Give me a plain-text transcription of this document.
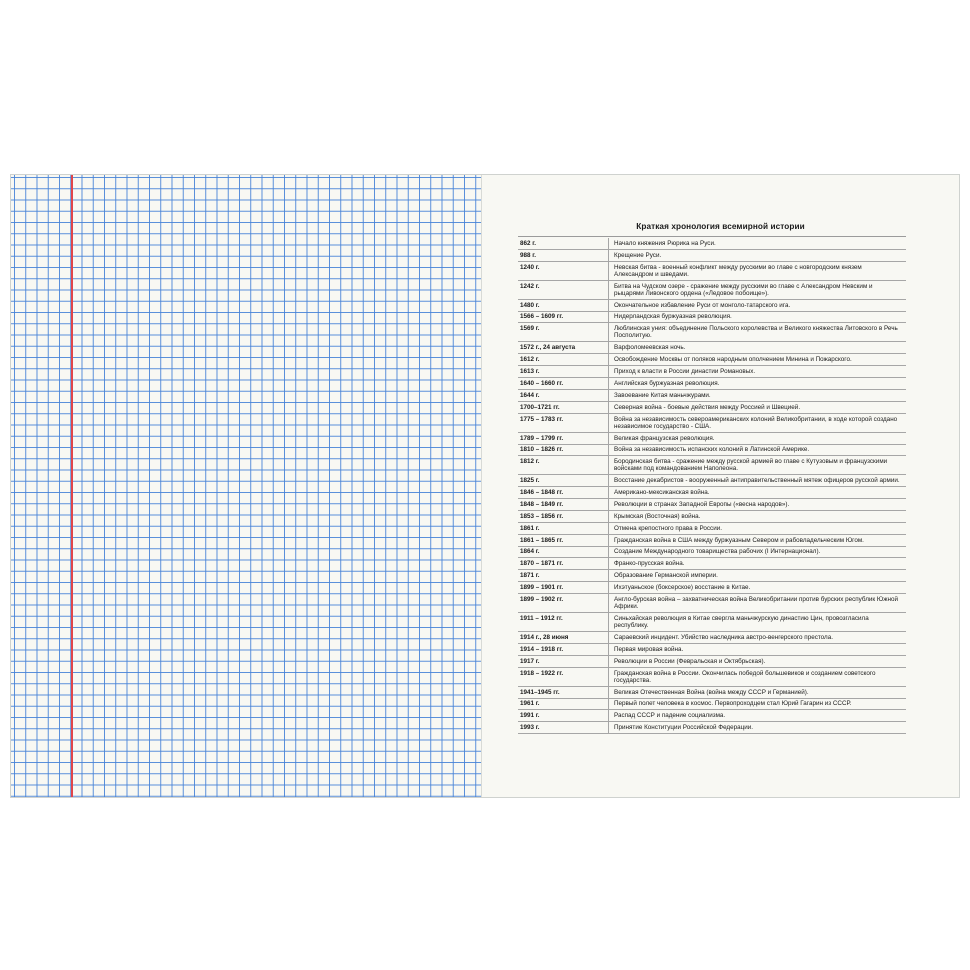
Краткая хронология всемирной истории
862 г.	Начало княжения Рюрика на Руси.
988 г.	Крещение Руси.
1240 г.	Невская битва - военный конфликт между русскими во главе с новгородским князем Александром и шведами.
1242 г.	Битва на Чудском озере - сражение между русскими во главе с Александром Невским и рыцарями Ливонского ордена («Ледовое побоище»).
1480 г.	Окончательное избавление Руси от монголо-татарского ига.
1566 – 1609 гг.	Нидерландская буржуазная революция.
1569 г.	Люблинская уния: объединение Польского королевства и Великого княжества Литовского в Речь Посполитую.
1572 г., 24 августа	Варфоломеевская ночь.
1612 г.	Освобождение Москвы от поляков народным ополчением Минина и Пожарского.
1613 г.	Приход к власти в России династии Романовых.
1640 – 1660 гг.	Английская буржуазная революция.
1644 г.	Завоевание Китая маньчжурами.
1700–1721 гг.	Северная война - боевые действия между Россией и Швецией.
1775 – 1783 гг.	Война за независимость североамериканских колоний Великобритании, в ходе которой создано независимое государство - США.
1789 – 1799 гг.	Великая французская революция.
1810 – 1826 гг.	Война за независимость испанских колоний в Латинской Америке.
1812 г.	Бородинская битва - сражение между русской армией во главе с Кутузовым и французскими войсками под командованием Наполеона.
1825 г.	Восстание декабристов - вооруженный антиправительственный мятеж офицеров русской армии.
1846 – 1848 гг.	Американо-мексиканская война.
1848 – 1849 гг.	Революции в странах Западной Европы («весна народов»).
1853 – 1856 гг.	Крымская (Восточная) война.
1861 г.	Отмена крепостного права в России.
1861 – 1865 гг.	Гражданская война в США между буржуазным Севером и рабовладельческим Югом.
1864 г.	Создание Международного товарищества рабочих (I Интернационал).
1870 – 1871 гг.	Франко-прусская война.
1871 г.	Образование Германской империи.
1899 – 1901 гг.	Ихэтуаньское (боксерское) восстание в Китае.
1899 – 1902 гг.	Англо-бурская война – захватническая война Великобритании против бурских республик Южной Африки.
1911 – 1912 гг.	Синьхайская революция в Китае свергла маньчжурскую династию Цин, провозгласила республику.
1914 г., 28 июня	Сараевский инцидент. Убийство наследника австро-венгерского престола.
1914 – 1918 гг.	Первая мировая война.
1917 г.	Революции в России (Февральская и Октябрьская).
1918 – 1922 гг.	Гражданская война в России. Окончилась победой большевиков и созданием советского государства.
1941–1945 гг.	Великая Отечественная Война (война между СССР и Германией).
1961 г.	Первый полет человека в космос. Первопроходцем стал Юрий Гагарин из СССР.
1991 г.	Распад СССР и падение социализма.
1993 г.	Принятие Конституции Российской Федерации.
